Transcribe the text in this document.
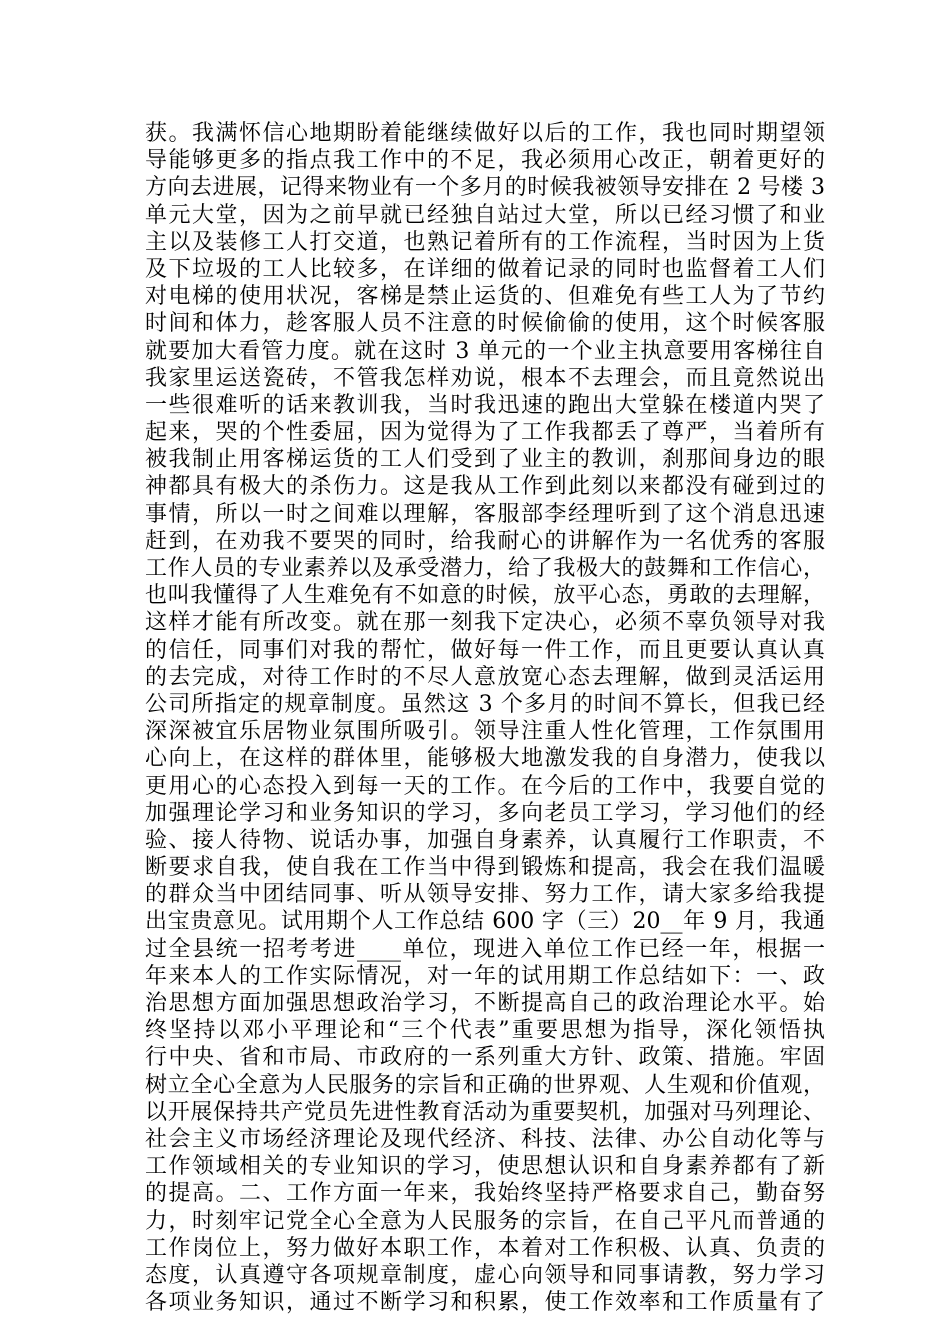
获。我满怀信心地期盼着能继续做好以后的工作，我也同时期望领
导能够更多的指点我工作中的不足，我必须用心改正，朝着更好的
方向去进展，记得来物业有一个多月的时候我被领导安排在 2 号楼 3
单元大堂，因为之前早就已经独自站过大堂，所以已经习惯了和业
主以及装修工人打交道，也熟记着所有的工作流程，当时因为上货
及下垃圾的工人比较多，在详细的做着记录的同时也监督着工人们
对电梯的使用状况，客梯是禁止运货的、但难免有些工人为了节约
时间和体力，趁客服人员不注意的时候偷偷的使用，这个时候客服
就要加大看管力度。就在这时 3 单元的一个业主执意要用客梯往自
我家里运送瓷砖，不管我怎样劝说，根本不去理会，而且竟然说出
一些很难听的话来教训我，当时我迅速的跑出大堂躲在楼道内哭了
起来，哭的个性委屈，因为觉得为了工作我都丢了尊严，当着所有
被我制止用客梯运货的工人们受到了业主的教训，刹那间身边的眼
神都具有极大的杀伤力。这是我从工作到此刻以来都没有碰到过的
事情，所以一时之间难以理解，客服部李经理听到了这个消息迅速
赶到，在劝我不要哭的同时，给我耐心的讲解作为一名优秀的客服
工作人员的专业素养以及承受潜力，给了我极大的鼓舞和工作信心，
也叫我懂得了人生难免有不如意的时候，放平心态，勇敢的去理解，
这样才能有所改变。就在那一刻我下定决心，必须不辜负领导对我
的信任，同事们对我的帮忙，做好每一件工作，而且更要认真认真
的去完成，对待工作时的不尽人意放宽心态去理解，做到灵活运用
公司所指定的规章制度。虽然这 3 个多月的时间不算长，但我已经
深深被宜乐居物业氛围所吸引。领导注重人性化管理，工作氛围用
心向上，在这样的群体里，能够极大地激发我的自身潜力，使我以
更用心的心态投入到每一天的工作。在今后的工作中，我要自觉的
加强理论学习和业务知识的学习，多向老员工学习，学习他们的经
验、接人待物、说话办事，加强自身素养，认真履行工作职责，不
断要求自我，使自我在工作当中得到锻炼和提高，我会在我们温暖
的群众当中团结同事、听从领导安排、努力工作，请大家多给我提
出宝贵意见。试用期个人工作总结 600 字（三）20__年 9 月，我通
过全县统一招考考进____单位，现进入单位工作已经一年，根据一
年来本人的工作实际情况，对一年的试用期工作总结如下：一、政
治思想方面加强思想政治学习，不断提高自己的政治理论水平。始
终坚持以邓小平理论和“三个代表”重要思想为指导，深化领悟执
行中央、省和市局、市政府的一系列重大方针、政策、措施。牢固
树立全心全意为人民服务的宗旨和正确的世界观、人生观和价值观，
以开展保持共产党员先进性教育活动为重要契机，加强对马列理论、
社会主义市场经济理论及现代经济、科技、法律、办公自动化等与
工作领域相关的专业知识的学习，使思想认识和自身素养都有了新
的提高。二、工作方面一年来，我始终坚持严格要求自己，勤奋努
力，时刻牢记党全心全意为人民服务的宗旨，在自己平凡而普通的
工作岗位上，努力做好本职工作，本着对工作积极、认真、负责的
态度，认真遵守各项规章制度，虚心向领导和同事请教，努力学习
各项业务知识，通过不断学习和积累，使工作效率和工作质量有了
